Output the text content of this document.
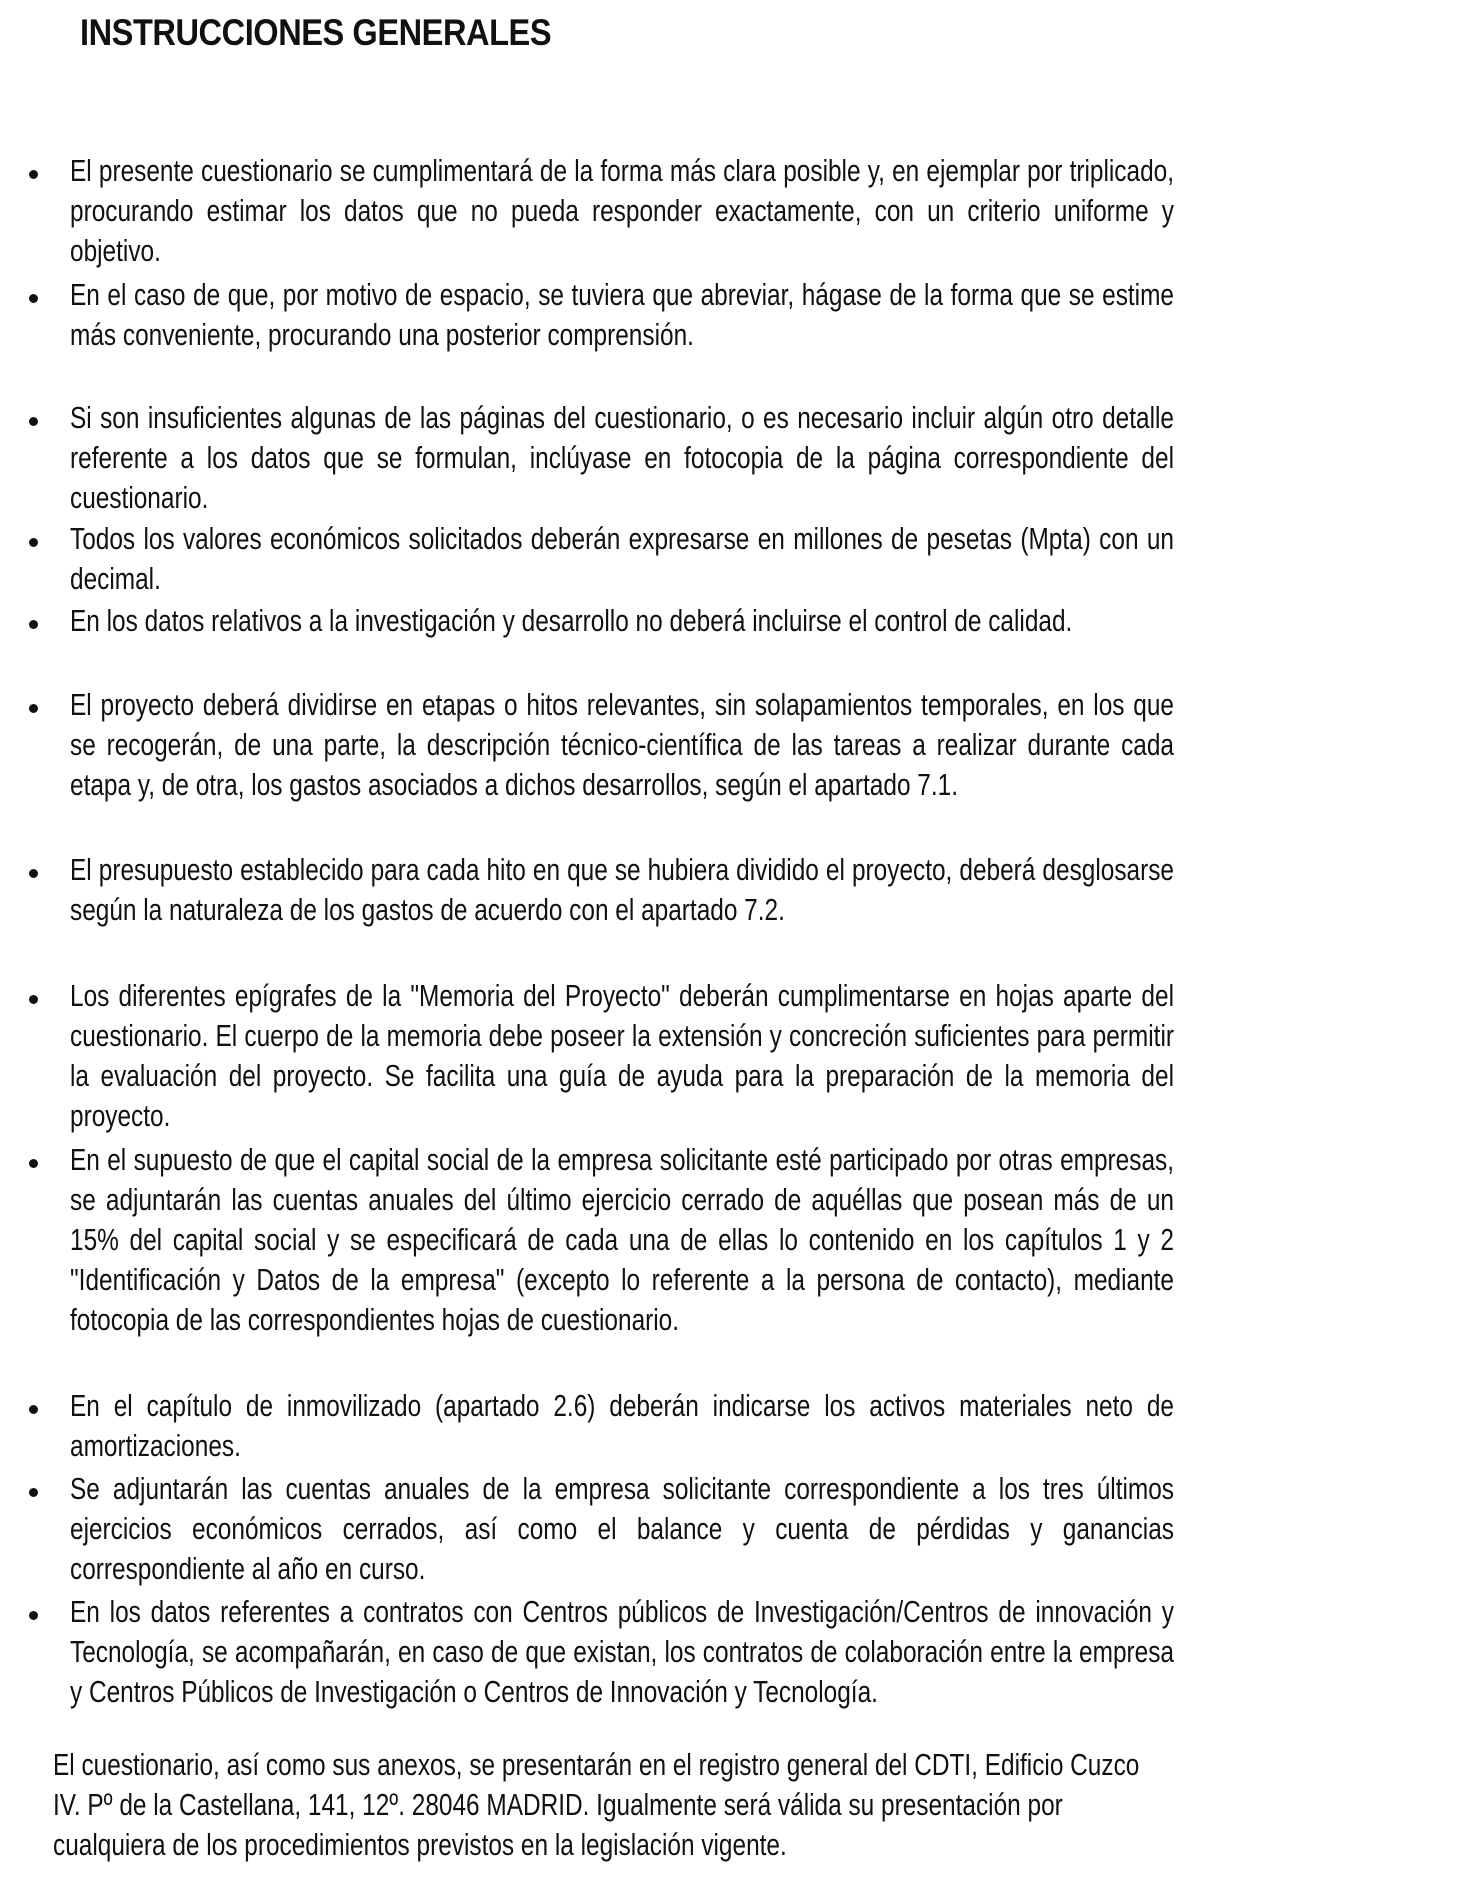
INSTRUCCIONES GENERALES

El presente cuestionario se cumplimentará de la forma más clara posible y, en ejemplar por triplicado, procurando estimar los datos que no pueda responder exactamente, con un criterio uniforme y objetivo.

En el caso de que, por motivo de espacio, se tuviera que abreviar, hágase de la forma que se estime más conveniente, procurando una posterior comprensión.

Si son insuficientes algunas de las páginas del cuestionario, o es necesario incluir algún otro detalle referente a los datos que se formulan, inclúyase en fotocopia de la página correspondiente del cuestionario.

Todos los valores económicos solicitados deberán expresarse en millones de pesetas (Mpta) con un decimal.

En los datos relativos a la investigación y desarrollo no deberá incluirse el control de calidad.

El proyecto deberá dividirse en etapas o hitos relevantes, sin solapamientos temporales, en los que se recogerán, de una parte, la descripción técnico-científica de las tareas a realizar durante cada etapa y, de otra, los gastos asociados a dichos desarrollos, según el apartado 7.1.

El presupuesto establecido para cada hito en que se hubiera dividido el proyecto, deberá desglosarse según la naturaleza de los gastos de acuerdo con el apartado 7.2.

Los diferentes epígrafes de la "Memoria del Proyecto" deberán cumplimentarse en hojas aparte del cuestionario. El cuerpo de la memoria debe poseer la extensión y concreción suficientes para permitir la evaluación del proyecto. Se facilita una guía de ayuda para la preparación de la memoria del proyecto.

En el supuesto de que el capital social de la empresa solicitante esté participado por otras empresas, se adjuntarán las cuentas anuales del último ejercicio cerrado de aquéllas que posean más de un 15% del capital social y se especificará de cada una de ellas lo contenido en los capítulos 1 y 2 "Identificación y Datos de la empresa" (excepto lo referente a la persona de contacto), mediante fotocopia de las correspondientes hojas de cuestionario.

En el capítulo de inmovilizado (apartado 2.6) deberán indicarse los activos materiales neto de amortizaciones.

Se adjuntarán las cuentas anuales de la empresa solicitante correspondiente a los tres últimos ejercicios económicos cerrados, así como el balance y cuenta de pérdidas y ganancias correspondiente al año en curso.

En los datos referentes a contratos con Centros públicos de Investigación/Centros de innovación y Tecnología, se acompañarán, en caso de que existan, los contratos de colaboración entre la empresa y Centros Públicos de Investigación o Centros de Innovación y Tecnología.

El cuestionario, así como sus anexos, se presentarán en el registro general del CDTI, Edificio Cuzco IV. Pº de la Castellana, 141, 12º. 28046 MADRID. Igualmente será válida su presentación por cualquiera de los procedimientos previstos en la legislación vigente.
